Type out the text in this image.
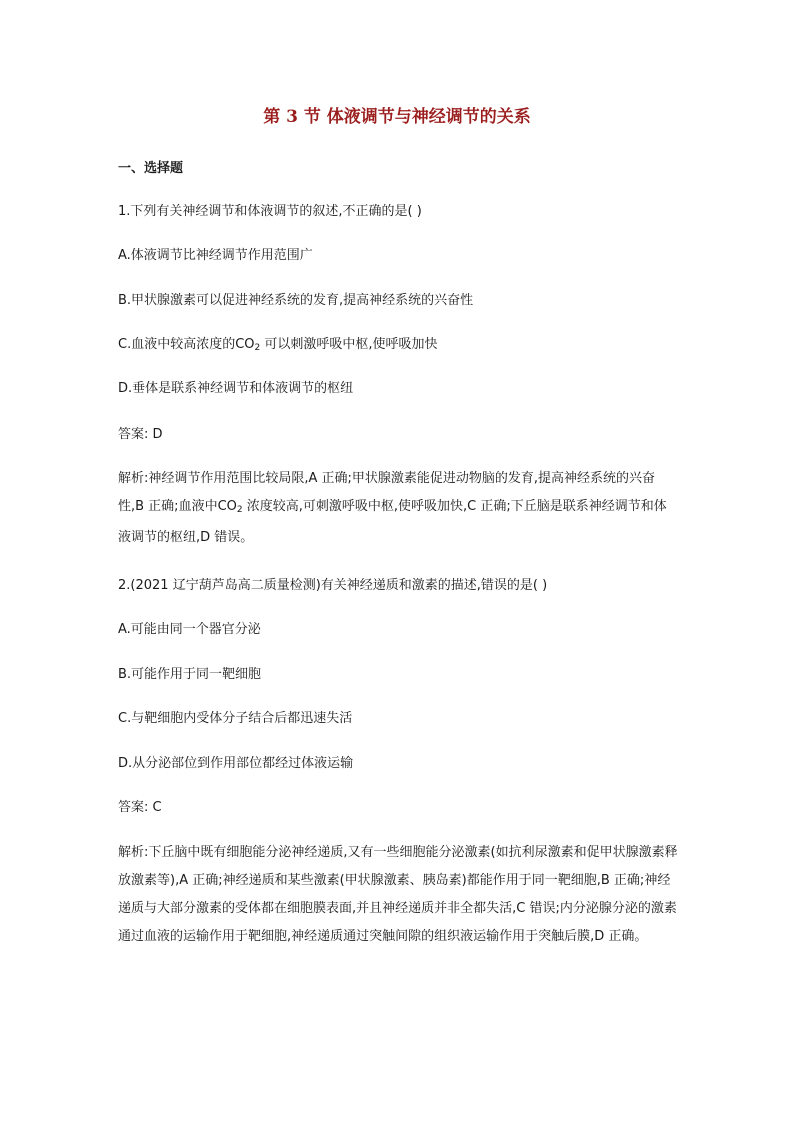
第 3 节 体液调节与神经调节的关系
一、选择题
1.下列有关神经调节和体液调节的叙述,不正确的是( )
A.体液调节比神经调节作用范围广
B.甲状腺激素可以促进神经系统的发育,提高神经系统的兴奋性
C.血液中较高浓度的$CO_2$ 可以刺激呼吸中枢,使呼吸加快
D.垂体是联系神经调节和体液调节的枢纽
答案: D
解析:神经调节作用范围比较局限,A 正确;甲状腺激素能促进动物脑的发育,提高神经系统的兴奋性,B 正确;血液中$CO_2$ 浓度较高,可刺激呼吸中枢,使呼吸加快,C 正确;下丘脑是联系神经调节和体液调节的枢纽,D 错误。
2.(2021 辽宁葫芦岛高二质量检测)有关神经递质和激素的描述,错误的是( )
A.可能由同一个器官分泌
B.可能作用于同一靶细胞
C.与靶细胞内受体分子结合后都迅速失活
D.从分泌部位到作用部位都经过体液运输
答案: C
解析:下丘脑中既有细胞能分泌神经递质,又有一些细胞能分泌激素(如抗利尿激素和促甲状腺激素释放激素等),A 正确;神经递质和某些激素(甲状腺激素、胰岛素)都能作用于同一靶细胞,B 正确;神经递质与大部分激素的受体都在细胞膜表面,并且神经递质并非全都失活,C 错误;内分泌腺分泌的激素通过血液的运输作用于靶细胞,神经递质通过突触间隙的组织液运输作用于突触后膜,D 正确。
